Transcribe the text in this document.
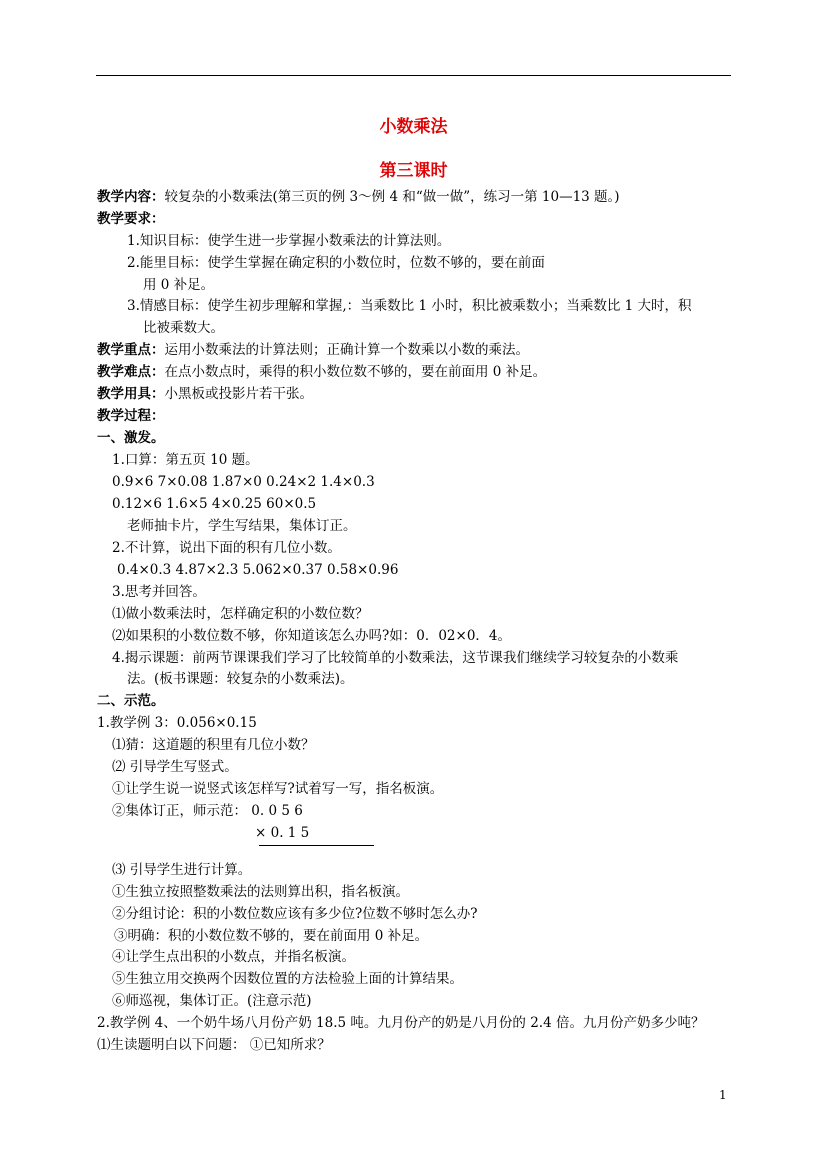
小数乘法
第三课时
教学内容：较复杂的小数乘法(第三页的例 3～例 4 和“做一做”，练习一第 10—13 题。)
教学要求：
1.知识目标：使学生进一步掌握小数乘法的计算法则。
2.能里目标：使学生掌握在确定积的小数位时，位数不够的，要在前面
用 0 补足。
3.情感目标：使学生初步理解和掌握,：当乘数比 1 小时，积比被乘数小；当乘数比 1 大时，积
比被乘数大。
教学重点：运用小数乘法的计算法则；正确计算一个数乘以小数的乘法。
教学难点：在点小数点时，乘得的积小数位数不够的，要在前面用 0 补足。
教学用具：小黑板或投影片若干张。
教学过程：
一、激发。
1.口算：第五页 10 题。
0.9×6 7×0.08 1.87×0 0.24×2 1.4×0.3
0.12×6 1.6×5 4×0.25 60×0.5
老师抽卡片，学生写结果，集体订正。
2.不计算，说出下面的积有几位小数。
0.4×0.3 4.87×2.3 5.062×0.37 0.58×0.96
3.思考并回答。
⑴做小数乘法时，怎样确定积的小数位数？
⑵如果积的小数位数不够，你知道该怎么办吗?如：0．02×0．4。
4.揭示课题：前两节课课我们学习了比较简单的小数乘法，这节课我们继续学习较复杂的小数乘
法。(板书课题：较复杂的小数乘法)。
二、示范。
1.教学例 3：0.056×0.15
⑴猜：这道题的积里有几位小数？
⑵ 引导学生写竖式。
①让学生说一说竖式该怎样写?试着写一写，指名板演。
②集体订正，师示范： 0. 0 5 6
× 0. 1 5
⑶ 引导学生进行计算。
①生独立按照整数乘法的法则算出积，指名板演。
②分组讨论：积的小数位数应该有多少位?位数不够时怎么办?
③明确：积的小数位数不够的，要在前面用 0 补足。
④让学生点出积的小数点，并指名板演。
⑤生独立用交换两个因数位置的方法检验上面的计算结果。
⑥师巡视，集体订正。(注意示范)
2.教学例 4、一个奶牛场八月份产奶 18.5 吨。九月份产的奶是八月份的 2.4 倍。九月份产奶多少吨？
⑴生读题明白以下问题： ①已知所求？
1
